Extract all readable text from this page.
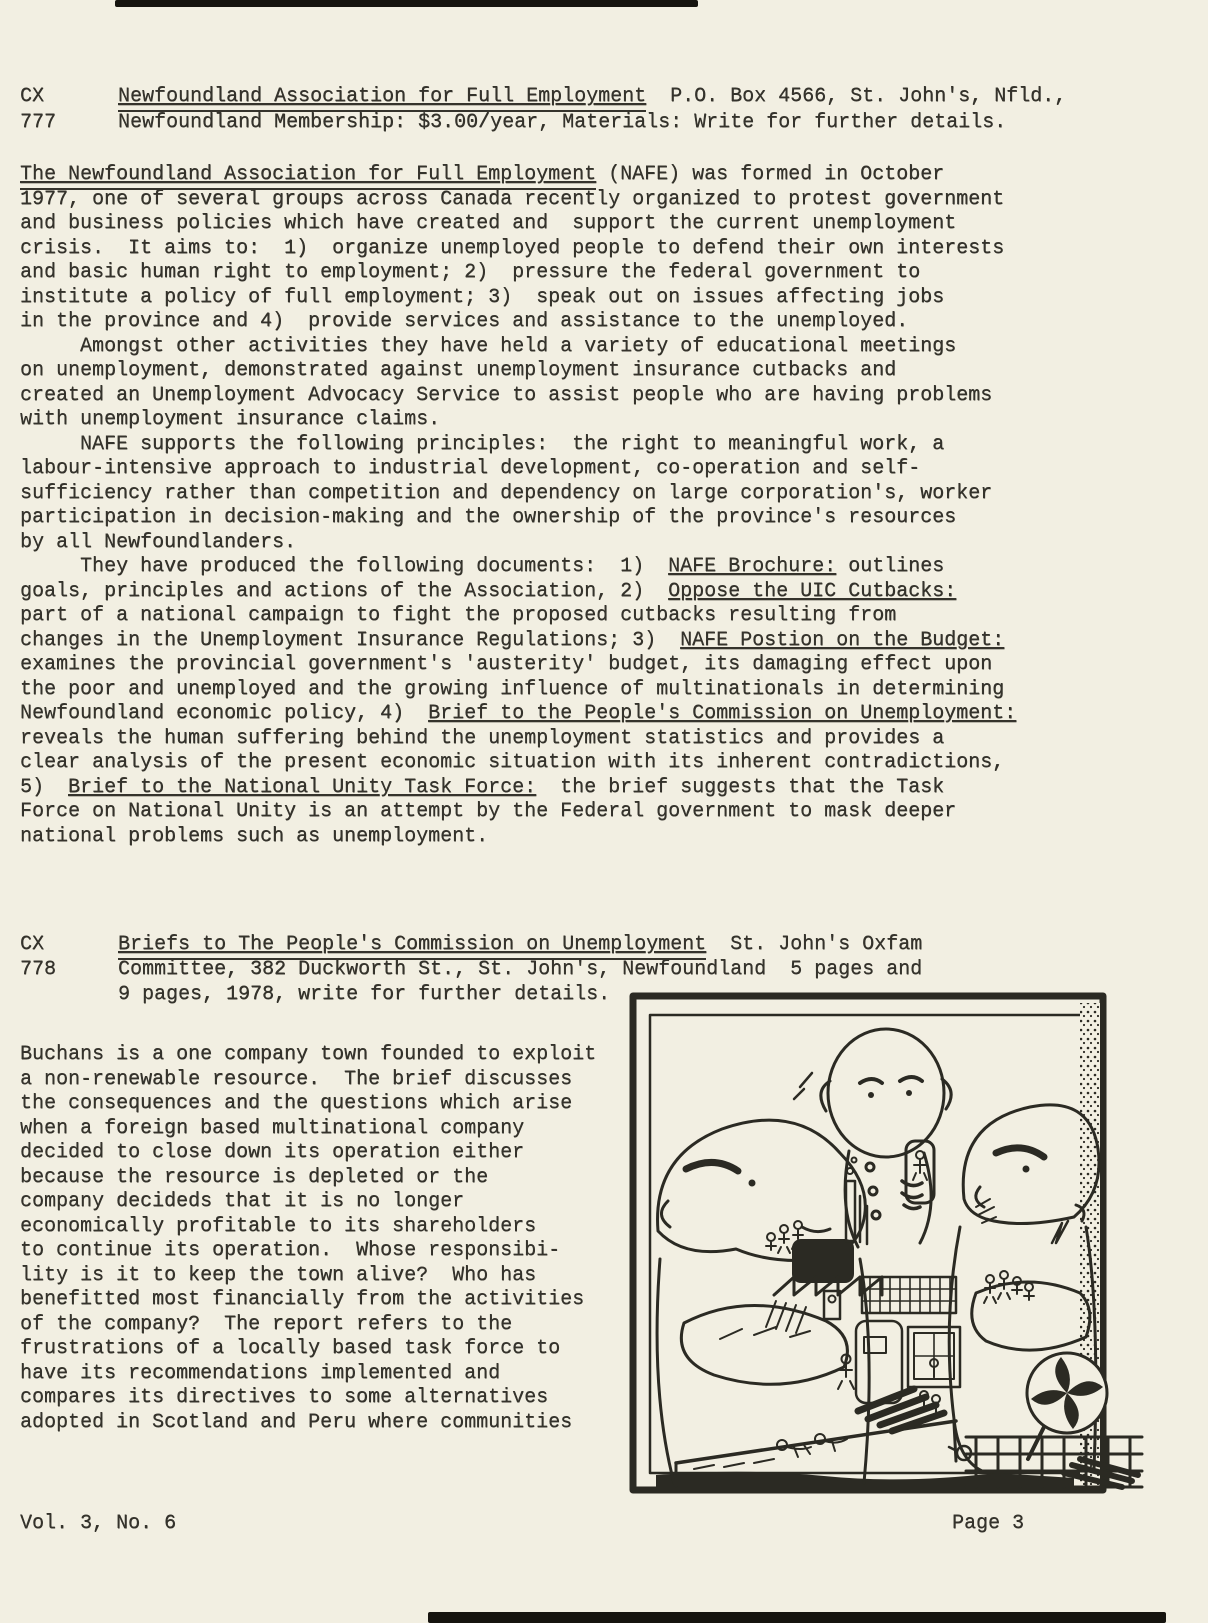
CX
777
Newfoundland Association for Full Employment  P.O. Box 4566, St. John's, Nfld.,
Newfoundland Membership: $3.00/year, Materials: Write for further details.
The Newfoundland Association for Full Employment (NAFE) was formed in October
1977, one of several groups across Canada recently organized to protest government
and business policies which have created and  support the current unemployment
crisis.  It aims to:  1)  organize unemployed people to defend their own interests
and basic human right to employment; 2)  pressure the federal government to
institute a policy of full employment; 3)  speak out on issues affecting jobs
in the province and 4)  provide services and assistance to the unemployed.
Amongst other activities they have held a variety of educational meetings
on unemployment, demonstrated against unemployment insurance cutbacks and
created an Unemployment Advocacy Service to assist people who are having problems
with unemployment insurance claims.
NAFE supports the following principles:  the right to meaningful work, a
labour-intensive approach to industrial development, co-operation and self-
sufficiency rather than competition and dependency on large corporation's, worker
participation in decision-making and the ownership of the province's resources
by all Newfoundlanders.
They have produced the following documents:  1)  NAFE Brochure: outlines
goals, principles and actions of the Association, 2)  Oppose the UIC Cutbacks:
part of a national campaign to fight the proposed cutbacks resulting from
changes in the Unemployment Insurance Regulations; 3)  NAFE Postion on the Budget:
examines the provincial government's 'austerity' budget, its damaging effect upon
the poor and unemployed and the growing influence of multinationals in determining
Newfoundland economic policy, 4)  Brief to the People's Commission on Unemployment:
reveals the human suffering behind the unemployment statistics and provides a
clear analysis of the present economic situation with its inherent contradictions,
5)  Brief to the National Unity Task Force:  the brief suggests that the Task
Force on National Unity is an attempt by the Federal government to mask deeper
national problems such as unemployment.
CX
778
Briefs to The People's Commission on Unemployment  St. John's Oxfam
Committee, 382 Duckworth St., St. John's, Newfoundland  5 pages and
9 pages, 1978, write for further details.
Buchans is a one company town founded to exploit
a non-renewable resource.  The brief discusses
the consequences and the questions which arise
when a foreign based multinational company
decided to close down its operation either
because the resource is depleted or the
company decideds that it is no longer
economically profitable to its shareholders
to continue its operation.  Whose responsibi-
lity is it to keep the town alive?  Who has
benefitted most financially from the activities
of the company?  The report refers to the
frustrations of a locally based task force to
have its recommendations implemented and
compares its directives to some alternatives
adopted in Scotland and Peru where communities
Vol. 3, No. 6	Page 3
